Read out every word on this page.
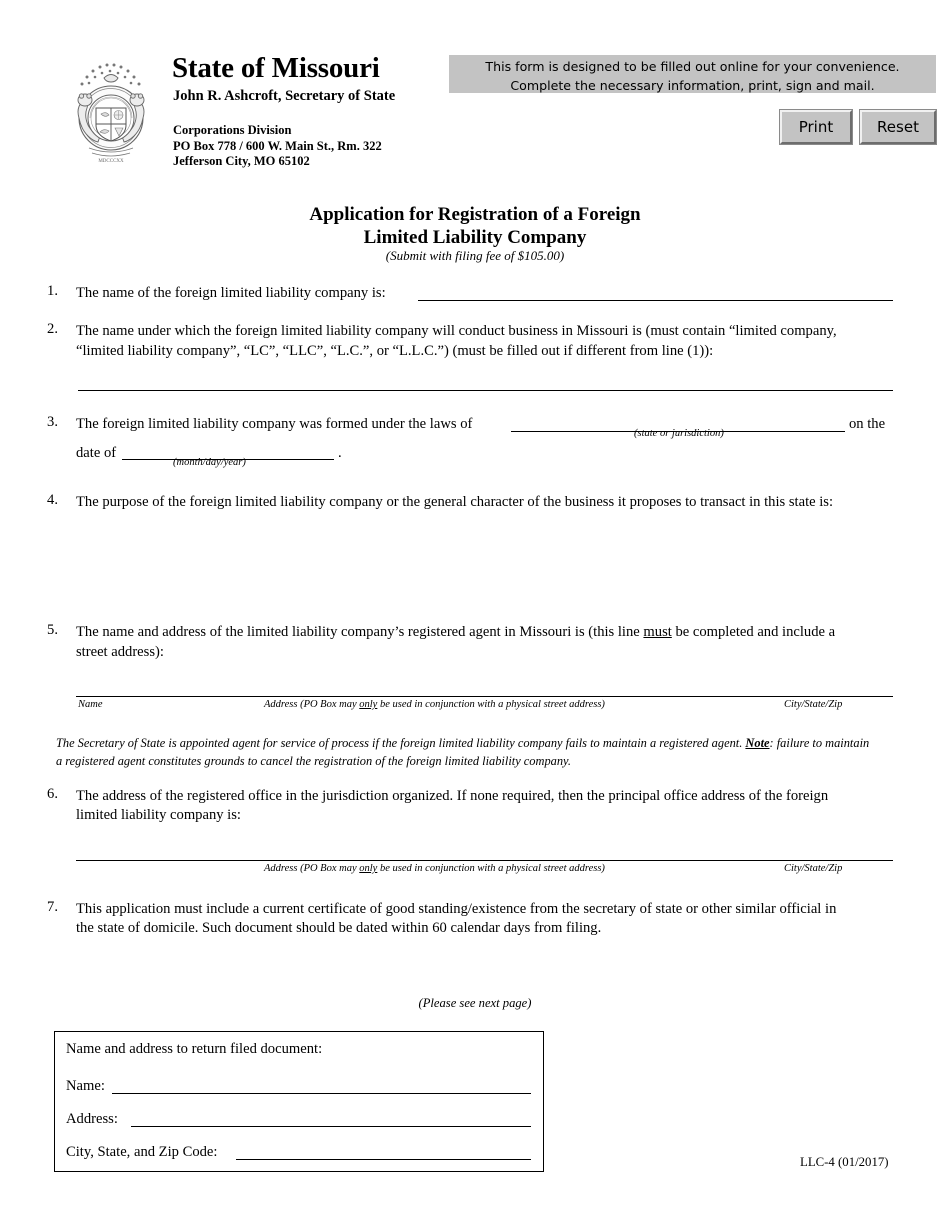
MDCCCXX
State of Missouri
John R. Ashcroft, Secretary of State
Corporations Division
PO Box 778 / 600 W. Main St., Rm. 322
Jefferson City, MO 65102
This form is designed to be filled out online for your convenience.
Complete the necessary information, print, sign and mail.
Print	Reset
Application for Registration of a Foreign
Limited Liability Company
(Submit with filing fee of $105.00)
1. The name of the foreign limited liability company is:
2. The name under which the foreign limited liability company will conduct business in Missouri is (must contain “limited company,
“limited liability company”, “LC”, “LLC”, “L.C.”, or “L.L.C.”) (must be filled out if different from line (1)):
3. The foreign limited liability company was formed under the laws of
(state or jurisdiction)
on the
date of
(month/day/year)
.
4. The purpose of the foreign limited liability company or the general character of the business it proposes to transact in this state is:
5. The name and address of the limited liability company’s registered agent in Missouri is (this line must be completed and include a
street address):
Name	Address (PO Box may only be used in conjunction with a physical street address)	City/State/Zip
The Secretary of State is appointed agent for service of process if the foreign limited liability company fails to maintain a registered agent. Note: failure to maintain
a registered agent constitutes grounds to cancel the registration of the foreign limited liability company.
6. The address of the registered office in the jurisdiction organized. If none required, then the principal office address of the foreign
limited liability company is:
Address (PO Box may only be used in conjunction with a physical street address)	City/State/Zip
7. This application must include a current certificate of good standing/existence from the secretary of state or other similar official in
the state of domicile. Such document should be dated within 60 calendar days from filing.
(Please see next page)
Name and address to return filed document:
Name:
Address:
City, State, and Zip Code:
LLC-4 (01/2017)
